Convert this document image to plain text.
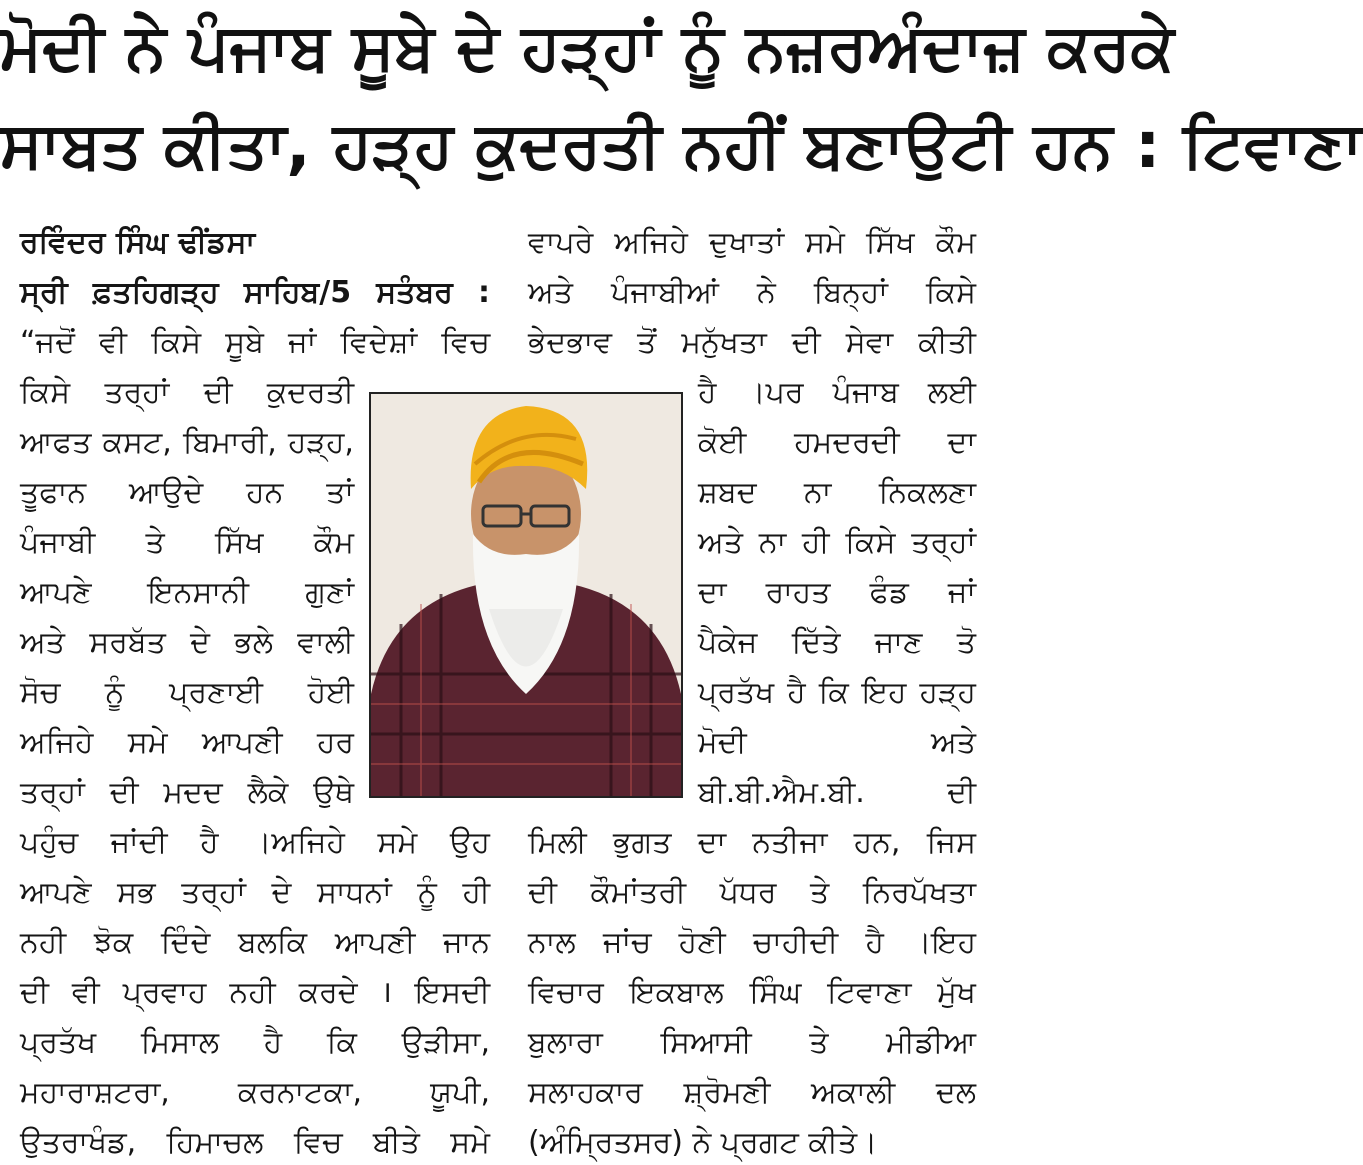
ਮੋਦੀ ਨੇ ਪੰਜਾਬ ਸੂਬੇ ਦੇ ਹੜ੍ਹਾਂ ਨੂੰ ਨਜ਼ਰਅੰਦਾਜ਼ ਕਰਕੇ
ਸਾਬਤ ਕੀਤਾ, ਹੜ੍ਹ ਕੁਦਰਤੀ ਨਹੀਂ ਬਣਾਉਟੀ ਹਨ : ਟਿਵਾਣਾ
ਰਵਿੰਦਰ ਸਿੰਘ ਢੀਂਡਸਾ
ਸ੍ਰੀ ਫ਼ਤਹਿਗੜ੍ਹ ਸਾਹਿਬ/5 ਸਤੰਬਰ :
“ਜਦੋਂ ਵੀ ਕਿਸੇ ਸੂਬੇ ਜਾਂ ਵਿਦੇਸ਼ਾਂ ਵਿਚ
ਕਿਸੇ ਤਰ੍ਹਾਂ ਦੀ ਕੁਦਰਤੀ
ਆਫਤ ਕਸਟ, ਬਿਮਾਰੀ, ਹੜ੍ਹ,
ਤੂਫਾਨ ਆਉਦੇ ਹਨ ਤਾਂ
ਪੰਜਾਬੀ ਤੇ ਸਿੱਖ ਕੌਮ
ਆਪਣੇ ਇਨਸਾਨੀ ਗੁਣਾਂ
ਅਤੇ ਸਰਬੱਤ ਦੇ ਭਲੇ ਵਾਲੀ
ਸੋਚ ਨੂੰ ਪ੍ਰਣਾਈ ਹੋਈ
ਅਜਿਹੇ ਸਮੇ ਆਪਣੀ ਹਰ
ਤਰ੍ਹਾਂ ਦੀ ਮਦਦ ਲੈਕੇ ਉਥੇ
ਪਹੁੰਚ ਜਾਂਦੀ ਹੈ ।ਅਜਿਹੇ ਸਮੇ ਉਹ
ਆਪਣੇ ਸਭ ਤਰ੍ਹਾਂ ਦੇ ਸਾਧਨਾਂ ਨੂੰ ਹੀ
ਨਹੀ ਝੋਕ ਦਿੰਦੇ ਬਲਕਿ ਆਪਣੀ ਜਾਨ
ਦੀ ਵੀ ਪ੍ਰਵਾਹ ਨਹੀ ਕਰਦੇ । ਇਸਦੀ
ਪ੍ਰਤੱਖ ਮਿਸਾਲ ਹੈ ਕਿ ਉੜੀਸਾ,
ਮਹਾਰਾਸ਼ਟਰਾ, ਕਰਨਾਟਕਾ, ਯੂਪੀ,
ਉਤਰਾਖੰਡ, ਹਿਮਾਚਲ ਵਿਚ ਬੀਤੇ ਸਮੇ
ਵਾਪਰੇ ਅਜਿਹੇ ਦੁਖਾਤਾਂ ਸਮੇ ਸਿੱਖ ਕੌਮ
ਅਤੇ ਪੰਜਾਬੀਆਂ ਨੇ ਬਿਨ੍ਹਾਂ ਕਿਸੇ
ਭੇਦਭਾਵ ਤੋਂ ਮਨੁੱਖਤਾ ਦੀ ਸੇਵਾ ਕੀਤੀ
ਹੈ ।ਪਰ ਪੰਜਾਬ ਲਈ
ਕੋਈ ਹਮਦਰਦੀ ਦਾ
ਸ਼ਬਦ ਨਾ ਨਿਕਲਣਾ
ਅਤੇ ਨਾ ਹੀ ਕਿਸੇ ਤਰ੍ਹਾਂ
ਦਾ ਰਾਹਤ ਫੰਡ ਜਾਂ
ਪੈਕੇਜ ਦਿੱਤੇ ਜਾਣ ਤੋ
ਪ੍ਰਤੱਖ ਹੈ ਕਿ ਇਹ ਹੜ੍ਹ
ਮੋਦੀ	ਅਤੇ
ਬੀ.ਬੀ.ਐਮ.ਬੀ.	ਦੀ
ਮਿਲੀ ਭੁਗਤ ਦਾ ਨਤੀਜਾ ਹਨ, ਜਿਸ
ਦੀ ਕੌਮਾਂਤਰੀ ਪੱਧਰ ਤੇ ਨਿਰਪੱਖਤਾ
ਨਾਲ ਜਾਂਚ ਹੋਣੀ ਚਾਹੀਦੀ ਹੈ ।ਇਹ
ਵਿਚਾਰ ਇਕਬਾਲ ਸਿੰਘ ਟਿਵਾਣਾ ਮੁੱਖ
ਬੁਲਾਰਾ ਸਿਆਸੀ ਤੇ ਮੀਡੀਆ
ਸਲਾਹਕਾਰ ਸ਼੍ਰੋਮਣੀ ਅਕਾਲੀ ਦਲ
(ਅੰਮ੍ਰਿਤਸਰ) ਨੇ ਪ੍ਰਗਟ ਕੀਤੇ।
